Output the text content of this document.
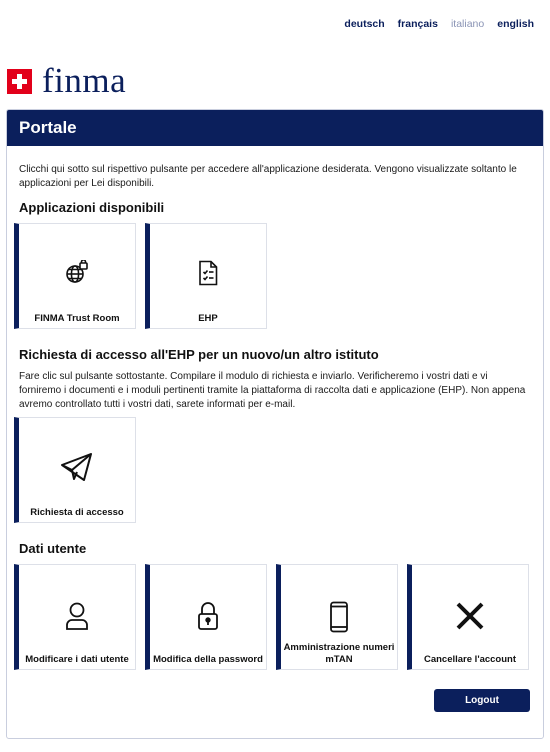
deutsch français italiano english
finma
Portale

Clicchi qui sotto sul rispettivo pulsante per accedere all'applicazione desiderata. Vengono visualizzate soltanto le applicazioni per Lei disponibili.

Applicazioni disponibili
FINMA Trust Room	EHP
Richiesta di accesso all'EHP per un nuovo/un altro istituto

Fare clic sul pulsante sottostante. Compilare il modulo di richiesta e inviarlo. Verificheremo i vostri dati e vi forniremo i documenti e i moduli pertinenti tramite la piattaforma di raccolta dati e applicazione (EHP). Non appena avremo controllato tutti i vostri dati, sarete informati per e-mail.

Richiesta di accesso
Dati utente
Modificare i dati utente	Modifica della password
Amministrazione numeri mTAN	Cancellare l'account
Logout
